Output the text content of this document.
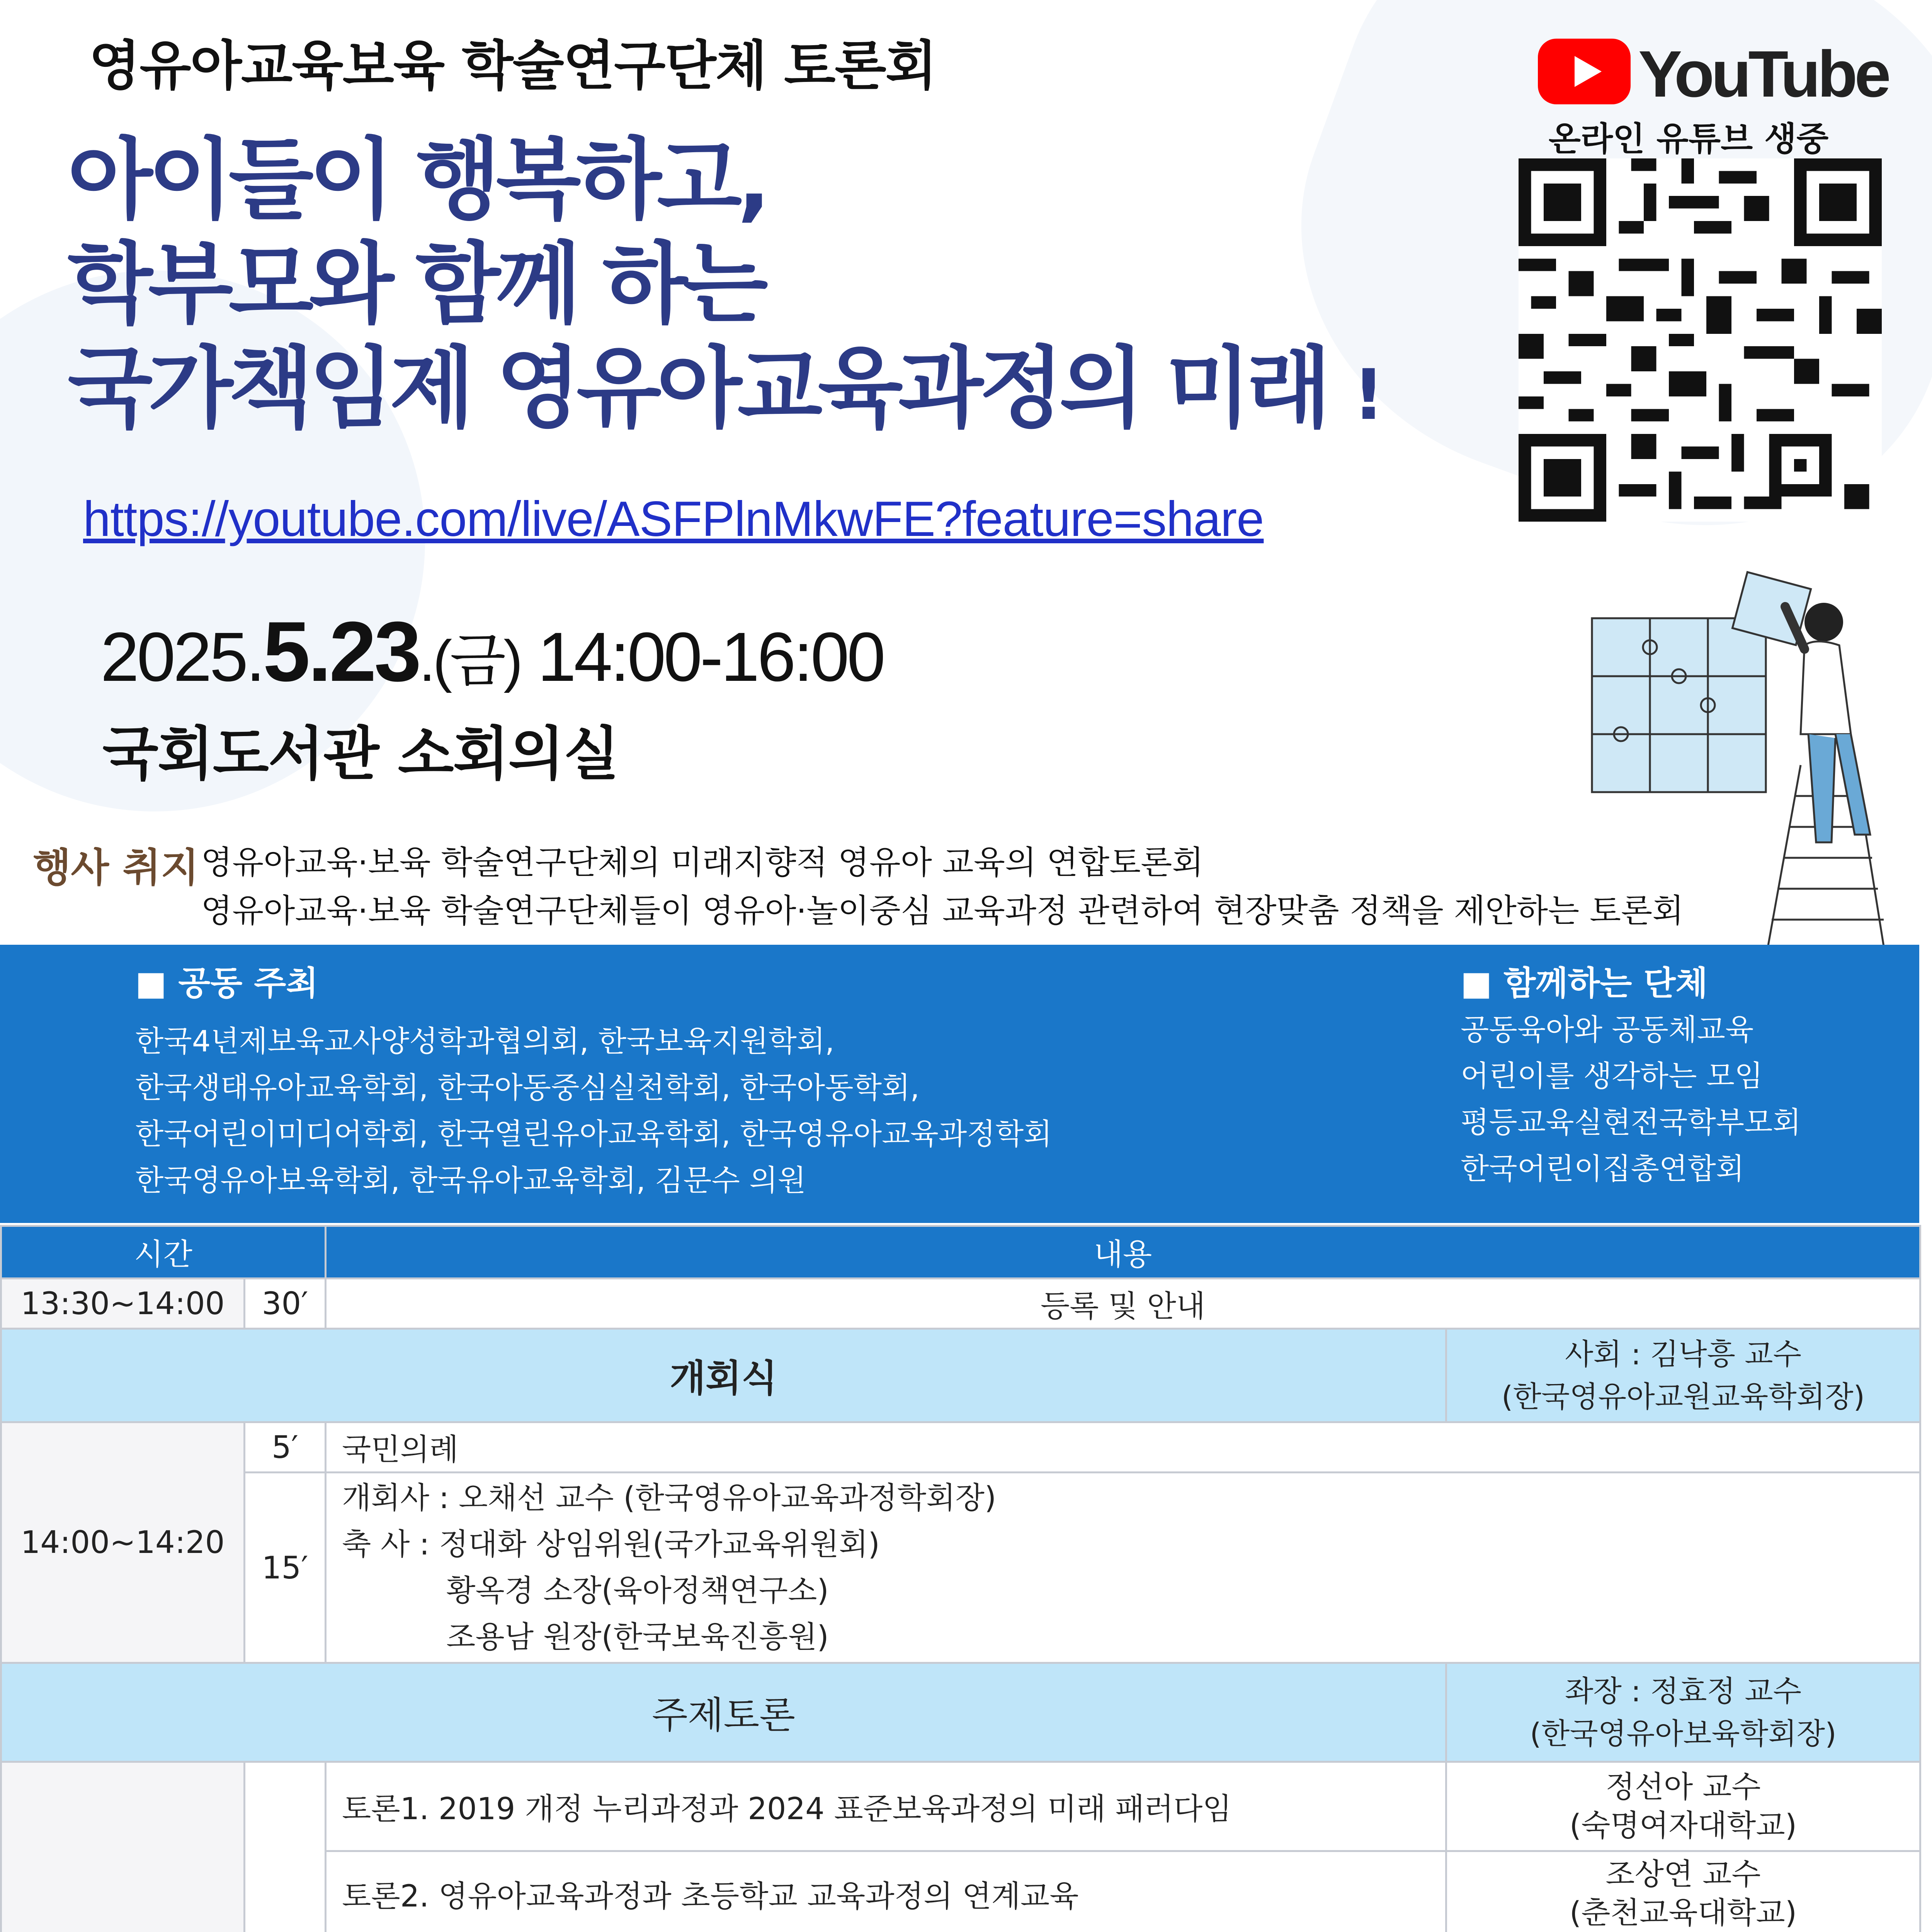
영유아교육보육 학술연구단체 토론회
아이들이 행복하고,
학부모와 함께 하는
국가책임제 영유아교육과정의 미래 !
https://youtube.com/live/ASFPlnMkwFE?feature=share
2025.5.23.(금) 14:00-16:00
국회도서관 소회의실
행사 취지 영유아교육·보육 학술연구단체의 미래지향적 영유아 교육의 연합토론회
영유아교육·보육 학술연구단체들이 영유아·놀이중심 교육과정 관련하여 현장맞춤 정책을 제안하는 토론회
YouTube
온라인 유튜브 생중
■ 공동 주최
한국4년제보육교사양성학과협의회, 한국보육지원학회,
한국생태유아교육학회, 한국아동중심실천학회, 한국아동학회,
한국어린이미디어학회, 한국열린유아교육학회, 한국영유아교육과정학회
한국영유아보육학회, 한국유아교육학회, 김문수 의원
■ 함께하는 단체
공동육아와 공동체교육
어린이를 생각하는 모임
평등교육실현전국학부모회
한국어린이집총연합회
시간		내용	
13:30~14:00	30′	등록 및 안내	
개회식			사회 : 김낙흥 교수
(한국영유아교원교육학회장)

14:00~14:20	5′	국민의례	
	15′	개회사 : 오채선 교수 (한국영유아교육과정학회장)
축 사 : 정대화 상임위원(국가교육위원회)
황옥경 소장(육아정책연구소)
조용남 원장(한국보육진흥원)	

주제토론			좌장 : 정효정 교수
(한국영유아보육학회장)

		토론1. 2019 개정 누리과정과 2024 표준보육과정의 미래 패러다임	정선아 교수
(숙명여자대학교)

		토론2. 영유아교육과정과 초등학교 교육과정의 연계교육	조상연 교수
(춘천교육대학교)
